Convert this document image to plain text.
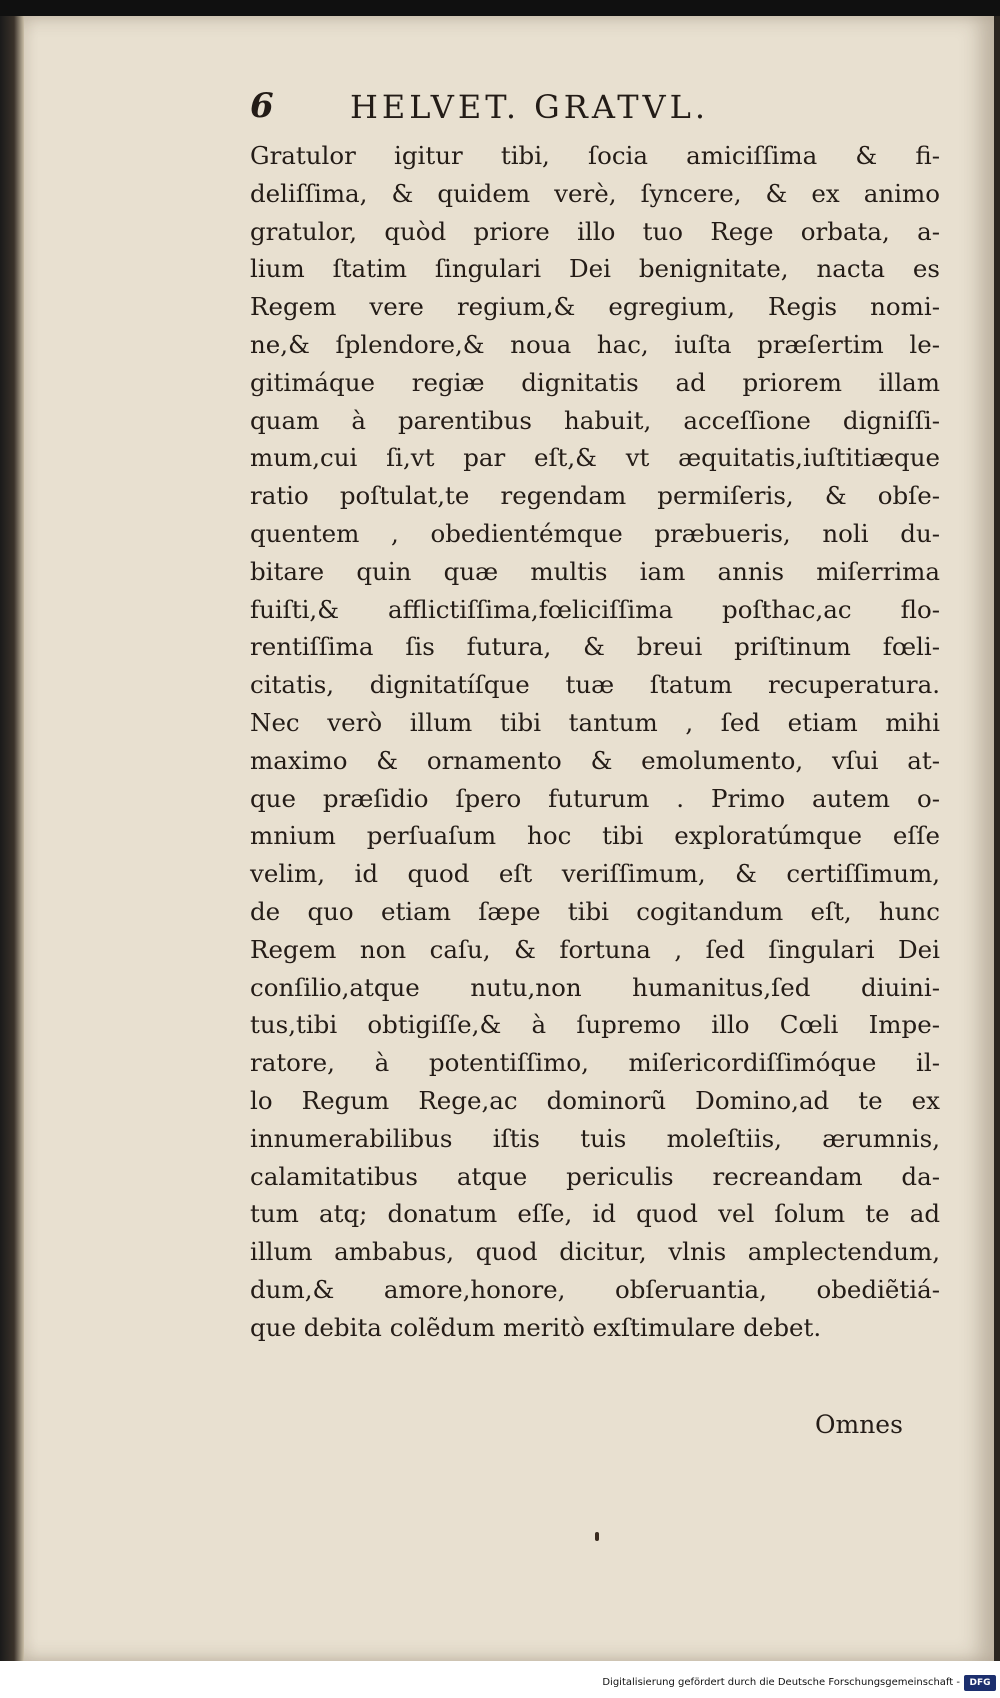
6 HELVET. GRATVL.
Gratulor igitur tibi, ſocia amiciſſima & fi-
deliſſima, & quidem verè, ſyncere, & ex animo
gratulor, quòd priore illo tuo Rege orbata, a-
lium ſtatim ſingulari Dei benignitate, nacta es
Regem vere regium,& egregium, Regis nomi-
ne,& ſplendore,& noua hac, iuſta præſertim le-
gitimáque regiæ dignitatis ad priorem illam
quam à parentibus habuit, acceſſione digniſſi-
mum,cui ſi,vt par eſt,& vt æquitatis,iuſtitiæque
ratio poſtulat,te regendam permiſeris, & obſe-
quentem , obedientémque præbueris, noli du-
bitare quin quæ multis iam annis miſerrima
fuiſti,& afflictiſſima,fœliciſſima poſthac,ac flo-
rentiſſima ſis futura, & breui priſtinum fœli-
citatis, dignitatíſque tuæ ſtatum recuperatura.
Nec verò illum tibi tantum , ſed etiam mihi
maximo & ornamento & emolumento, vſui at-
que præſidio ſpero futurum . Primo autem o-
mnium perſuaſum hoc tibi exploratúmque eſſe
velim, id quod eſt veriſſimum, & certiſſimum,
de quo etiam ſæpe tibi cogitandum eſt, hunc
Regem non caſu, & fortuna , ſed ſingulari Dei
conſilio,atque nutu,non humanitus,ſed diuini-
tus,tibi obtigiſſe,& à ſupremo illo Cœli Impe-
ratore, à potentiſſimo, miſericordiſſimóque il-
lo Regum Rege,ac dominorũ Domino,ad te ex
innumerabilibus iſtis tuis moleſtiis, ærumnis,
calamitatibus atque periculis recreandam da-
tum atq; donatum eſſe, id quod vel ſolum te ad
illum ambabus, quod dicitur, vlnis amplectendum,
dum,& amore,honore, obſeruantia, obediẽtiá-
que debita colẽdum meritò exſtimulare debet.
Omnes
Digitalisierung gefördert durch die Deutsche Forschungsgemeinschaft -	DFG
